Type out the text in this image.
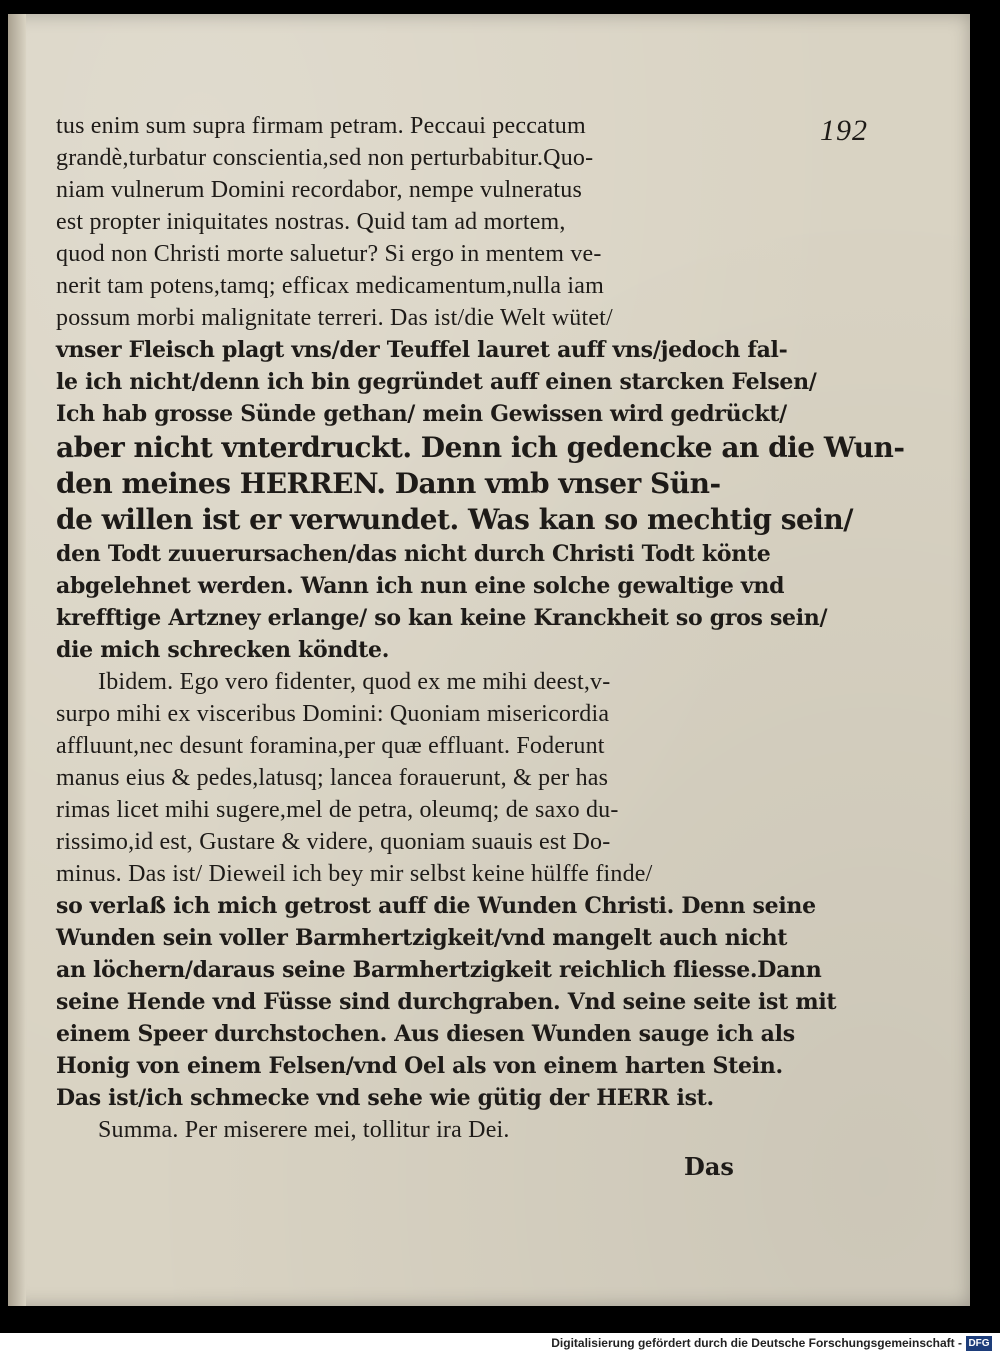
192
tus enim sum supra firmam petram. Peccaui peccatum
grandè,turbatur conscientia,sed non perturbabitur.Quo-
niam vulnerum Domini recordabor, nempe vulneratus
est propter iniquitates nostras. Quid tam ad mortem,
quod non Christi morte saluetur? Si ergo in mentem ve-
nerit tam potens,tamq; efficax medicamentum,nulla iam
possum morbi malignitate terreri. Das ist/die Welt wütet/
vnser Fleisch plagt vns/der Teuffel lauret auff vns/jedoch fal-
le ich nicht/denn ich bin gegründet auff einen starcken Felsen/
Ich hab grosse Sünde gethan/ mein Gewissen wird gedrückt/
aber nicht vnterdruckt. Denn ich gedencke an die Wun-
den meines HERREN. Dann vmb vnser Sün-
de willen ist er verwundet. Was kan so mechtig sein/
den Todt zuuerursachen/das nicht durch Christi Todt könte
abgelehnet werden. Wann ich nun eine solche gewaltige vnd
krefftige Artzney erlange/ so kan keine Kranckheit so gros sein/
die mich schrecken köndte.
Ibidem. Ego vero fidenter, quod ex me mihi deest,v-
surpo mihi ex visceribus Domini: Quoniam misericordia
affluunt,nec desunt foramina,per quæ effluant. Foderunt
manus eius & pedes,latusq; lancea forauerunt, & per has
rimas licet mihi sugere,mel de petra, oleumq; de saxo du-
rissimo,id est, Gustare & videre, quoniam suauis est Do-
minus. Das ist/ Dieweil ich bey mir selbst keine hülffe finde/
so verlaß ich mich getrost auff die Wunden Christi. Denn seine
Wunden sein voller Barmhertzigkeit/vnd mangelt auch nicht
an löchern/daraus seine Barmhertzigkeit reichlich fliesse.Dann
seine Hende vnd Füsse sind durchgraben. Vnd seine seite ist mit
einem Speer durchstochen. Aus diesen Wunden sauge ich als
Honig von einem Felsen/vnd Oel als von einem harten Stein.
Das ist/ich schmecke vnd sehe wie gütig der HERR ist.
Summa. Per miserere mei, tollitur ira Dei.
Das
Digitalisierung gefördert durch die Deutsche Forschungsgemeinschaft - DFG
